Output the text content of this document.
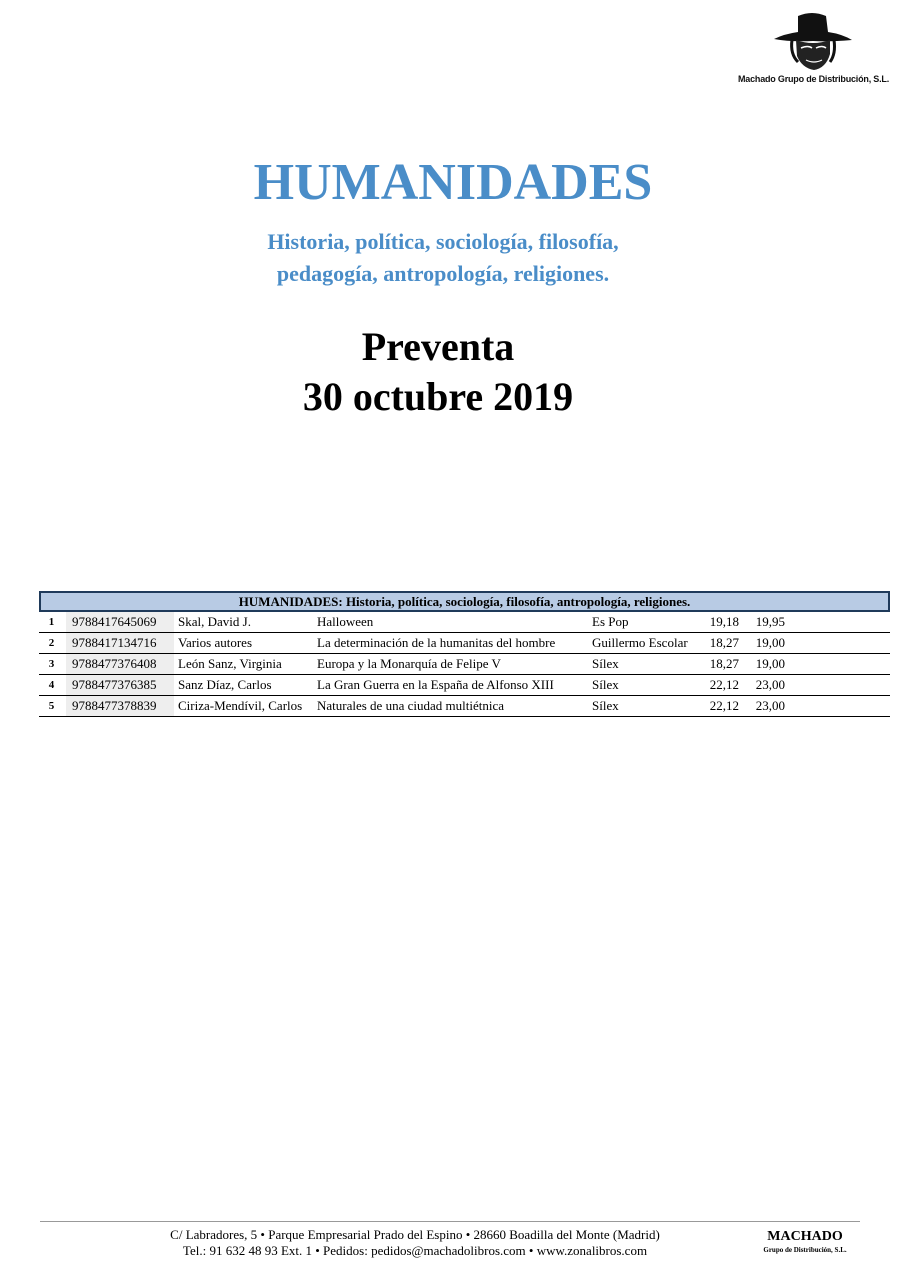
Machado Grupo de Distribución, S.L.
HUMANIDADES
Historia, política, sociología, filosofía,
pedagogía, antropología, religiones.
Preventa
30 octubre 2019
HUMANIDADES: Historia, política, sociología, filosofía, antropología, religiones.
1	9788417645069	Skal, David J.	Halloween	Es Pop	19,18	19,95
2	9788417134716	Varios autores	La determinación de la humanitas del hombre	Guillermo Escolar	18,27	19,00
3	9788477376408	León Sanz, Virginia	Europa y la Monarquía de Felipe V	Sílex	18,27	19,00
4	9788477376385	Sanz Díaz, Carlos	La Gran Guerra en la España de Alfonso XIII	Sílex	22,12	23,00
5	9788477378839	Ciriza-Mendívil, Carlos	Naturales de una ciudad multiétnica	Sílex	22,12	23,00
C/ Labradores, 5 • Parque Empresarial Prado del Espino • 28660 Boadilla del Monte (Madrid)
Tel.: 91 632 48 93 Ext. 1 • Pedidos: pedidos@machadolibros.com • www.zonalibros.com
MACHADO
Grupo de Distribución, S.L.
